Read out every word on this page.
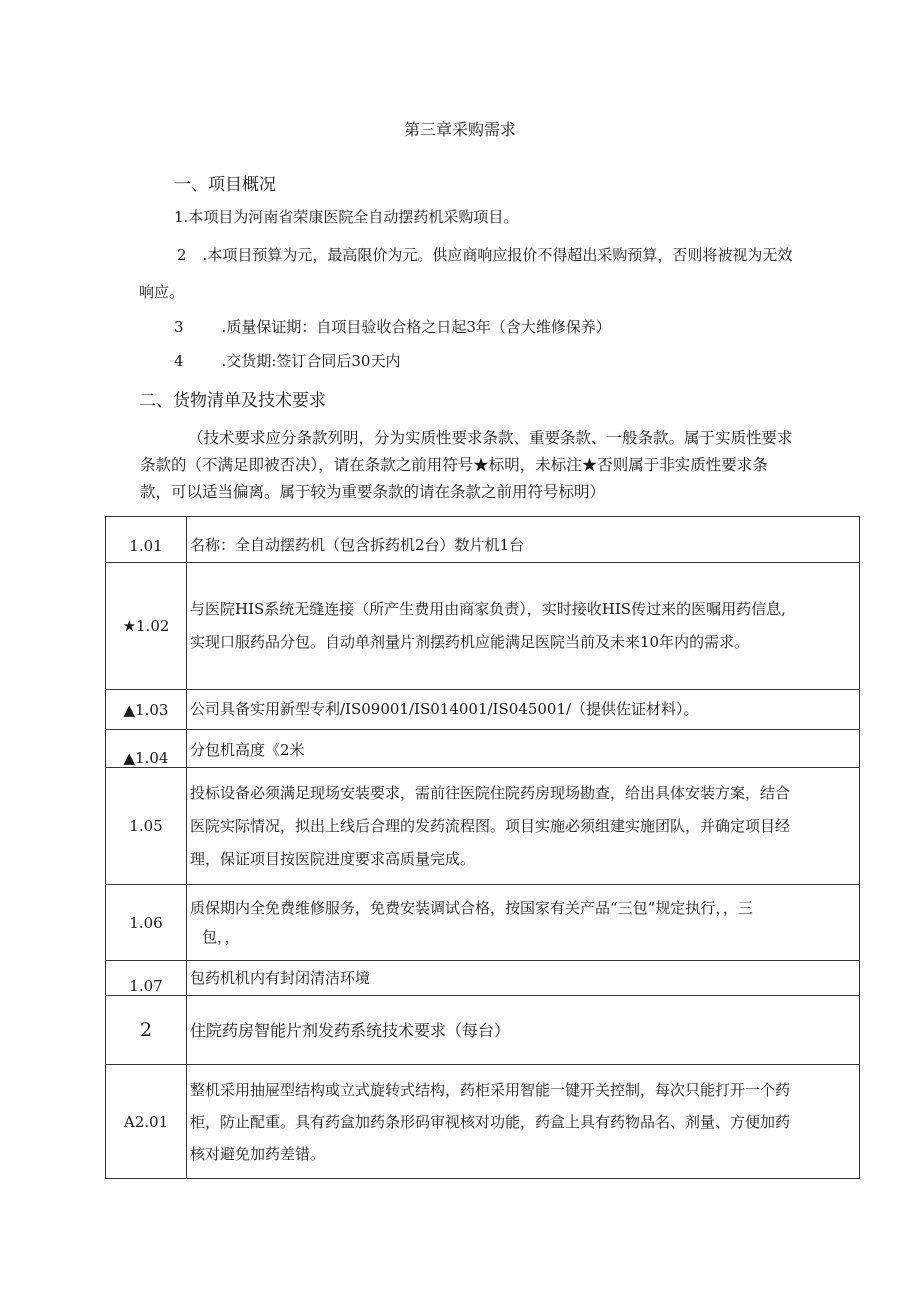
第三章采购需求
一、项目概况
1.本项目为河南省荣康医院全自动摆药机采购项目。
2 .本项目预算为元，最高限价为元。供应商响应报价不得超出采购预算，否则将被视为无效
响应。
3	.质量保证期：自项目验收合格之日起3年（含大维修保养）
4	.交货期:签订合同后30天内
二、货物清单及技术要求
（技术要求应分条款列明，分为实质性要求条款、重要条款、一般条款。属于实质性要求
条款的（不满足即被否决），请在条款之前用符号★标明，未标注★否则属于非实质性要求条
款，可以适当偏离。属于较为重要条款的请在条款之前用符号标明）
1.01	名称：全自动摆药机（包含拆药机2台）数片机1台

★1.02	与医院HIS系统无缝连接（所产生费用由商家负责），实时接收HIS传过来的医嘱用药信息,
实现口服药品分包。自动单剂量片剂摆药机应能满足医院当前及未来10年内的需求。

▲1.03	公司具备实用新型专利/IS09001/IS014001/IS045001/（提供佐证材料）。

▲1.04	分包机高度《2米

1.05	投标设备必须满足现场安装要求，需前往医院住院药房现场勘查，给出具体安装方案，结合
医院实际情况，拟出上线后合理的发药流程图。项目实施必须组建实施团队，并确定项目经
理，保证项目按医院进度要求高质量完成。

1.06	质保期内全免费维修服务，免费安装调试合格，按国家有关产品“三包”规定执行，，三
包，，

1.07	包药机机内有封闭清洁环境

2	住院药房智能片剂发药系统技术要求（每台）

A2.01	整机采用抽屉型结构或立式旋转式结构，药柜采用智能一键开关控制，每次只能打开一个药
柜，防止配重。具有药盒加药条形码审视核对功能，药盒上具有药物品名、剂量、方便加药
核对避免加药差错。
